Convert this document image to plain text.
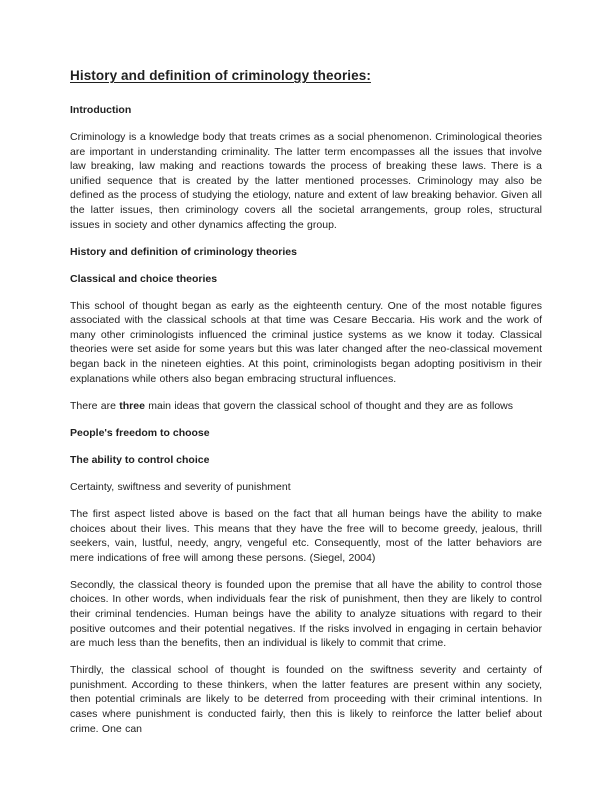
History and definition of criminology theories:
Introduction

Criminology is a knowledge body that treats crimes as a social phenomenon. Criminological theories are important in understanding criminality. The latter term encompasses all the issues that involve law breaking, law making and reactions towards the process of breaking these laws. There is a unified sequence that is created by the latter mentioned processes. Criminology may also be defined as the process of studying the etiology, nature and extent of law breaking behavior. Given all the latter issues, then criminology covers all the societal arrangements, group roles, structural issues in society and other dynamics affecting the group.

History and definition of criminology theories
Classical and choice theories

This school of thought began as early as the eighteenth century. One of the most notable figures associated with the classical schools at that time was Cesare Beccaria. His work and the work of many other criminologists influenced the criminal justice systems as we know it today. Classical theories were set aside for some years but this was later changed after the neo-classical movement began back in the nineteen eighties. At this point, criminologists began adopting positivism in their explanations while others also began embracing structural influences.

There are three main ideas that govern the classical school of thought and they are as follows

People's freedom to choose
The ability to control choice

Certainty, swiftness and severity of punishment

The first aspect listed above is based on the fact that all human beings have the ability to make choices about their lives. This means that they have the free will to become greedy, jealous, thrill seekers, vain, lustful, needy, angry, vengeful etc. Consequently, most of the latter behaviors are mere indications of free will among these persons. (Siegel, 2004)

Secondly, the classical theory is founded upon the premise that all have the ability to control those choices. In other words, when individuals fear the risk of punishment, then they are likely to control their criminal tendencies. Human beings have the ability to analyze situations with regard to their positive outcomes and their potential negatives. If the risks involved in engaging in certain behavior are much less than the benefits, then an individual is likely to commit that crime.

Thirdly, the classical school of thought is founded on the swiftness severity and certainty of punishment. According to these thinkers, when the latter features are present within any society, then potential criminals are likely to be deterred from proceeding with their criminal intentions. In cases where punishment is conducted fairly, then this is likely to reinforce the latter belief about crime. One can
